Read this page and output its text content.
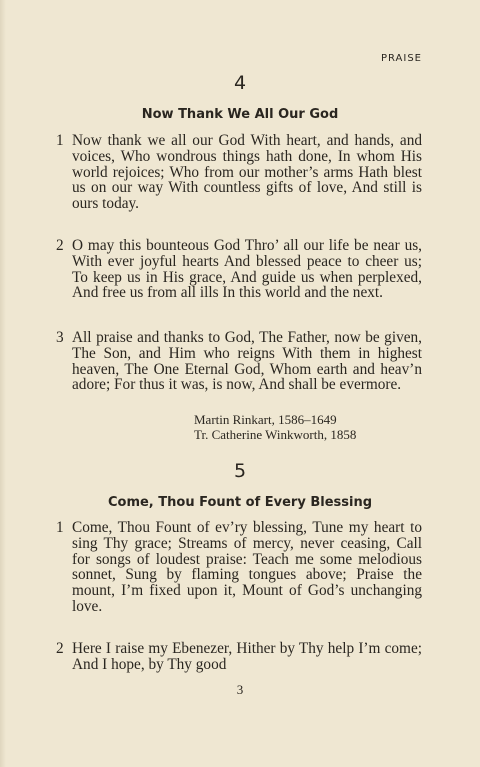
PRAISE
4
Now Thank We All Our God
1 Now thank we all our God With heart, and hands, and voices, Who wondrous things hath done, In whom His world rejoices; Who from our mother’s arms Hath blest us on our way With countless gifts of love, And still is ours today.
2 O may this bounteous God Thro’ all our life be near us, With ever joyful hearts And blessed peace to cheer us; To keep us in His grace, And guide us when perplexed, And free us from all ills In this world and the next.
3 All praise and thanks to God, The Father, now be given, The Son, and Him who reigns With them in highest heaven, The One Eternal God, Whom earth and heav’n adore; For thus it was, is now, And shall be evermore.
Martin Rinkart, 1586–1649
Tr. Catherine Winkworth, 1858
5
Come, Thou Fount of Every Blessing
1 Come, Thou Fount of ev’ry blessing, Tune my heart to sing Thy grace; Streams of mercy, never ceasing, Call for songs of loudest praise: Teach me some melodious sonnet, Sung by flaming tongues above; Praise the mount, I’m fixed upon it, Mount of God’s unchanging love.
2 Here I raise my Ebenezer, Hither by Thy help I’m come; And I hope, by Thy good
3
